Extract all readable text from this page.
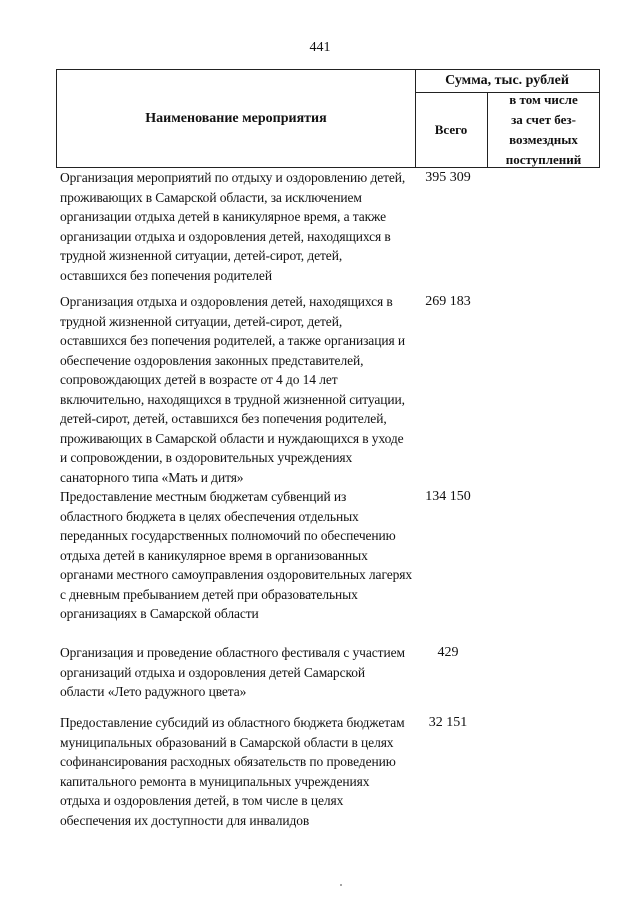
441
Наименование мероприятия
Сумма, тыс. рублей
Всего
в том числе
за счет без-
возмездных
поступлений
Организация мероприятий по отдыху и оздоровлению детей, проживающих в Самарской области, за исключением организации отдыха детей в каникулярное время, а также организации отдыха и оздоровления детей, находящихся в трудной жизненной ситуации, детей-сирот, детей, оставшихся без попечения родителей
395 309
Организация отдыха и оздоровления детей, находящихся в трудной жизненной ситуации, детей-сирот, детей, оставшихся без попечения родителей, а также организация и обеспечение оздоровления законных представителей, сопровождающих детей в возрасте от 4 до 14 лет включительно, находящихся в трудной жизненной ситуации, детей-сирот, детей, оставшихся без попечения родителей, проживающих в Самарской области и нуждающихся в уходе и сопровождении, в оздоровительных учреждениях санаторного типа «Мать и дитя»
269 183
Предоставление местным бюджетам субвенций из областного бюджета в целях обеспечения отдельных переданных государственных полномочий по обеспечению отдыха детей в каникулярное время в организованных органами местного самоуправления оздоровительных лагерях с дневным пребыванием детей при образовательных организациях в Самарской области
134 150
Организация и проведение областного фестиваля с участием организаций отдыха и оздоровления детей Самарской области «Лето радужного цвета»
429
Предоставление субсидий из областного бюджета бюджетам муниципальных образований в Самарской области в целях софинансирования расходных обязательств по проведению капитального ремонта в муниципальных учреждениях отдыха и оздоровления детей, в том числе в целях обеспечения их доступности для инвалидов
32 151
